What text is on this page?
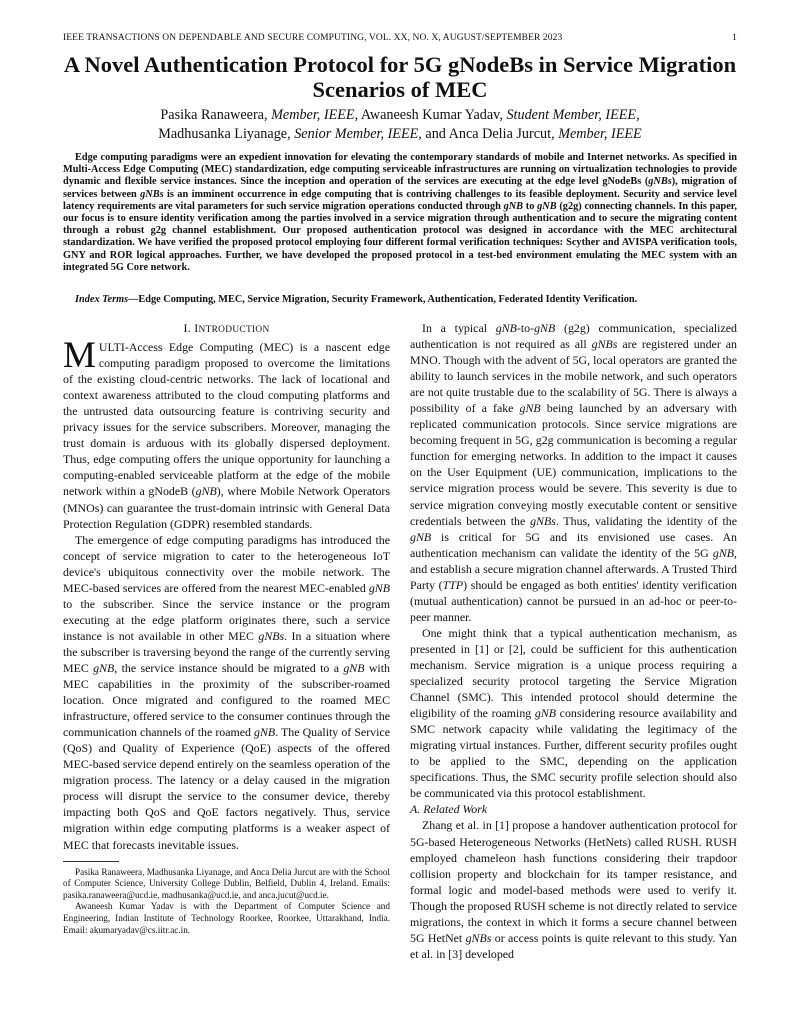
IEEE TRANSACTIONS ON DEPENDABLE AND SECURE COMPUTING, VOL. XX, NO. X, AUGUST/SEPTEMBER 2023	1
A Novel Authentication Protocol for 5G gNodeBs in Service Migration Scenarios of MEC
Pasika Ranaweera, Member, IEEE, Awaneesh Kumar Yadav, Student Member, IEEE,
Madhusanka Liyanage, Senior Member, IEEE, and Anca Delia Jurcut, Member, IEEE
Edge computing paradigms were an expedient innovation for elevating the contemporary standards of mobile and Internet networks. As specified in Multi-Access Edge Computing (MEC) standardization, edge computing serviceable infrastructures are running on virtualization technologies to provide dynamic and flexible service instances. Since the inception and operation of the services are executing at the edge level gNodeBs (gNBs), migration of services between gNBs is an imminent occurrence in edge computing that is contriving challenges to its feasible deployment. Security and service level latency requirements are vital parameters for such service migration operations conducted through gNB to gNB (g2g) connecting channels. In this paper, our focus is to ensure identity verification among the parties involved in a service migration through authentication and to secure the migrating content through a robust g2g channel establishment. Our proposed authentication protocol was designed in accordance with the MEC architectural standardization. We have verified the proposed protocol employing four different formal verification techniques: Scyther and AVISPA verification tools, GNY and ROR logical approaches. Further, we have developed the proposed protocol in a test-bed environment emulating the MEC system with an integrated 5G Core network.
Index Terms—Edge Computing, MEC, Service Migration, Security Framework, Authentication, Federated Identity Verification.
I. INTRODUCTION

MULTI-Access Edge Computing (MEC) is a nascent edge computing paradigm proposed to overcome the limitations of the existing cloud-centric networks. The lack of locational and context awareness attributed to the cloud computing platforms and the untrusted data outsourcing feature is contriving security and privacy issues for the service subscribers. Moreover, managing the trust domain is arduous with its globally dispersed deployment. Thus, edge computing offers the unique opportunity for launching a computing-enabled serviceable platform at the edge of the mobile network within a gNodeB (gNB), where Mobile Network Operators (MNOs) can guarantee the trust-domain intrinsic with General Data Protection Regulation (GDPR) resembled standards.

The emergence of edge computing paradigms has introduced the concept of service migration to cater to the heterogeneous IoT device's ubiquitous connectivity over the mobile network. The MEC-based services are offered from the nearest MEC-enabled gNB to the subscriber. Since the service instance or the program executing at the edge platform originates there, such a service instance is not available in other MEC gNBs. In a situation where the subscriber is traversing beyond the range of the currently serving MEC gNB, the service instance should be migrated to a gNB with MEC capabilities in the proximity of the subscriber-roamed location. Once migrated and configured to the roamed MEC infrastructure, offered service to the consumer continues through the communication channels of the roamed gNB. The Quality of Service (QoS) and Quality of Experience (QoE) aspects of the offered MEC-based service depend entirely on the seamless operation of the migration process. The latency or a delay caused in the migration process will disrupt the service to the consumer device, thereby impacting both QoS and QoE factors negatively. Thus, service migration within edge computing platforms is a weaker aspect of MEC that forecasts inevitable issues.

Pasika Ranaweera, Madhusanka Liyanage, and Anca Delia Jurcut are with the School of Computer Science, University College Dublin, Belfield, Dublin 4, Ireland. Emails: pasika.ranaweera@ucd.ie, madhusanka@ucd.ie, and anca.jucut@ucd.ie.

Awaneesh Kumar Yadav is with the Department of Computer Science and Engineering, Indian Institute of Technology Roorkee, Roorkee, Uttarakhand, India. Email: akumaryadav@cs.iitr.ac.in.

In a typical gNB-to-gNB (g2g) communication, specialized authentication is not required as all gNBs are registered under an MNO. Though with the advent of 5G, local operators are granted the ability to launch services in the mobile network, and such operators are not quite trustable due to the scalability of 5G. There is always a possibility of a fake gNB being launched by an adversary with replicated communication protocols. Since service migrations are becoming frequent in 5G, g2g communication is becoming a regular function for emerging networks. In addition to the impact it causes on the User Equipment (UE) communication, implications to the service migration process would be severe. This severity is due to service migration conveying mostly executable content or sensitive credentials between the gNBs. Thus, validating the identity of the gNB is critical for 5G and its envisioned use cases. An authentication mechanism can validate the identity of the 5G gNB, and establish a secure migration channel afterwards. A Trusted Third Party (TTP) should be engaged as both entities' identity verification (mutual authentication) cannot be pursued in an ad-hoc or peer-to-peer manner.

One might think that a typical authentication mechanism, as presented in [1] or [2], could be sufficient for this authentication mechanism. Service migration is a unique process requiring a specialized security protocol targeting the Service Migration Channel (SMC). This intended protocol should determine the eligibility of the roaming gNB considering resource availability and SMC network capacity while validating the legitimacy of the migrating virtual instances. Further, different security profiles ought to be applied to the SMC, depending on the application specifications. Thus, the SMC security profile selection should also be communicated via this protocol establishment.

A. Related Work

Zhang et al. in [1] propose a handover authentication protocol for 5G-based Heterogeneous Networks (HetNets) called RUSH. RUSH employed chameleon hash functions considering their trapdoor collision property and blockchain for its tamper resistance, and formal logic and model-based methods were used to verify it. Though the proposed RUSH scheme is not directly related to service migrations, the context in which it forms a secure channel between 5G HetNet gNBs or access points is quite relevant to this study. Yan et al. in [3] developed
